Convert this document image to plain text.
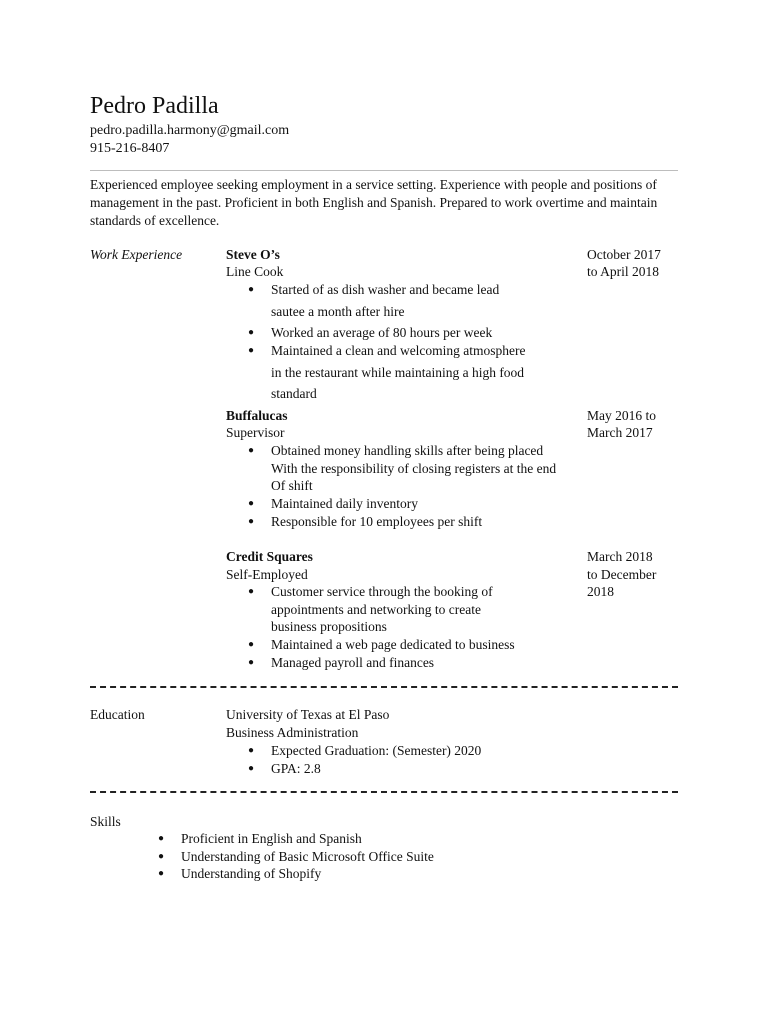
Pedro Padilla
pedro.padilla.harmony@gmail.com
915-216-8407
Experienced employee seeking employment in a service setting. Experience with people and positions of
management in the past. Proficient in both English and Spanish. Prepared to work overtime and maintain
standards of excellence.
Work Experience	Steve O’s
Line Cook
October 2017
to April 2018
● Started of as dish washer and became lead
sautee a month after hire
● Worked an average of 80 hours per week
● Maintained a clean and welcoming atmosphere
in the restaurant while maintaining a high food
standard
Buffalucas
Supervisor
May 2016 to
March 2017
● Obtained money handling skills after being placed
With the responsibility of closing registers at the end
Of shift
● Maintained daily inventory
● Responsible for 10 employees per shift
Credit Squares
Self-Employed
March 2018
to December
2018
● Customer service through the booking of
appointments and networking to create
business propositions
● Maintained a web page dedicated to business
● Managed payroll and finances
Education	University of Texas at El Paso
Business Administration
● Expected Graduation: (Semester) 2020
● GPA: 2.8
Skills
● Proficient in English and Spanish
● Understanding of Basic Microsoft Office Suite
● Understanding of Shopify
